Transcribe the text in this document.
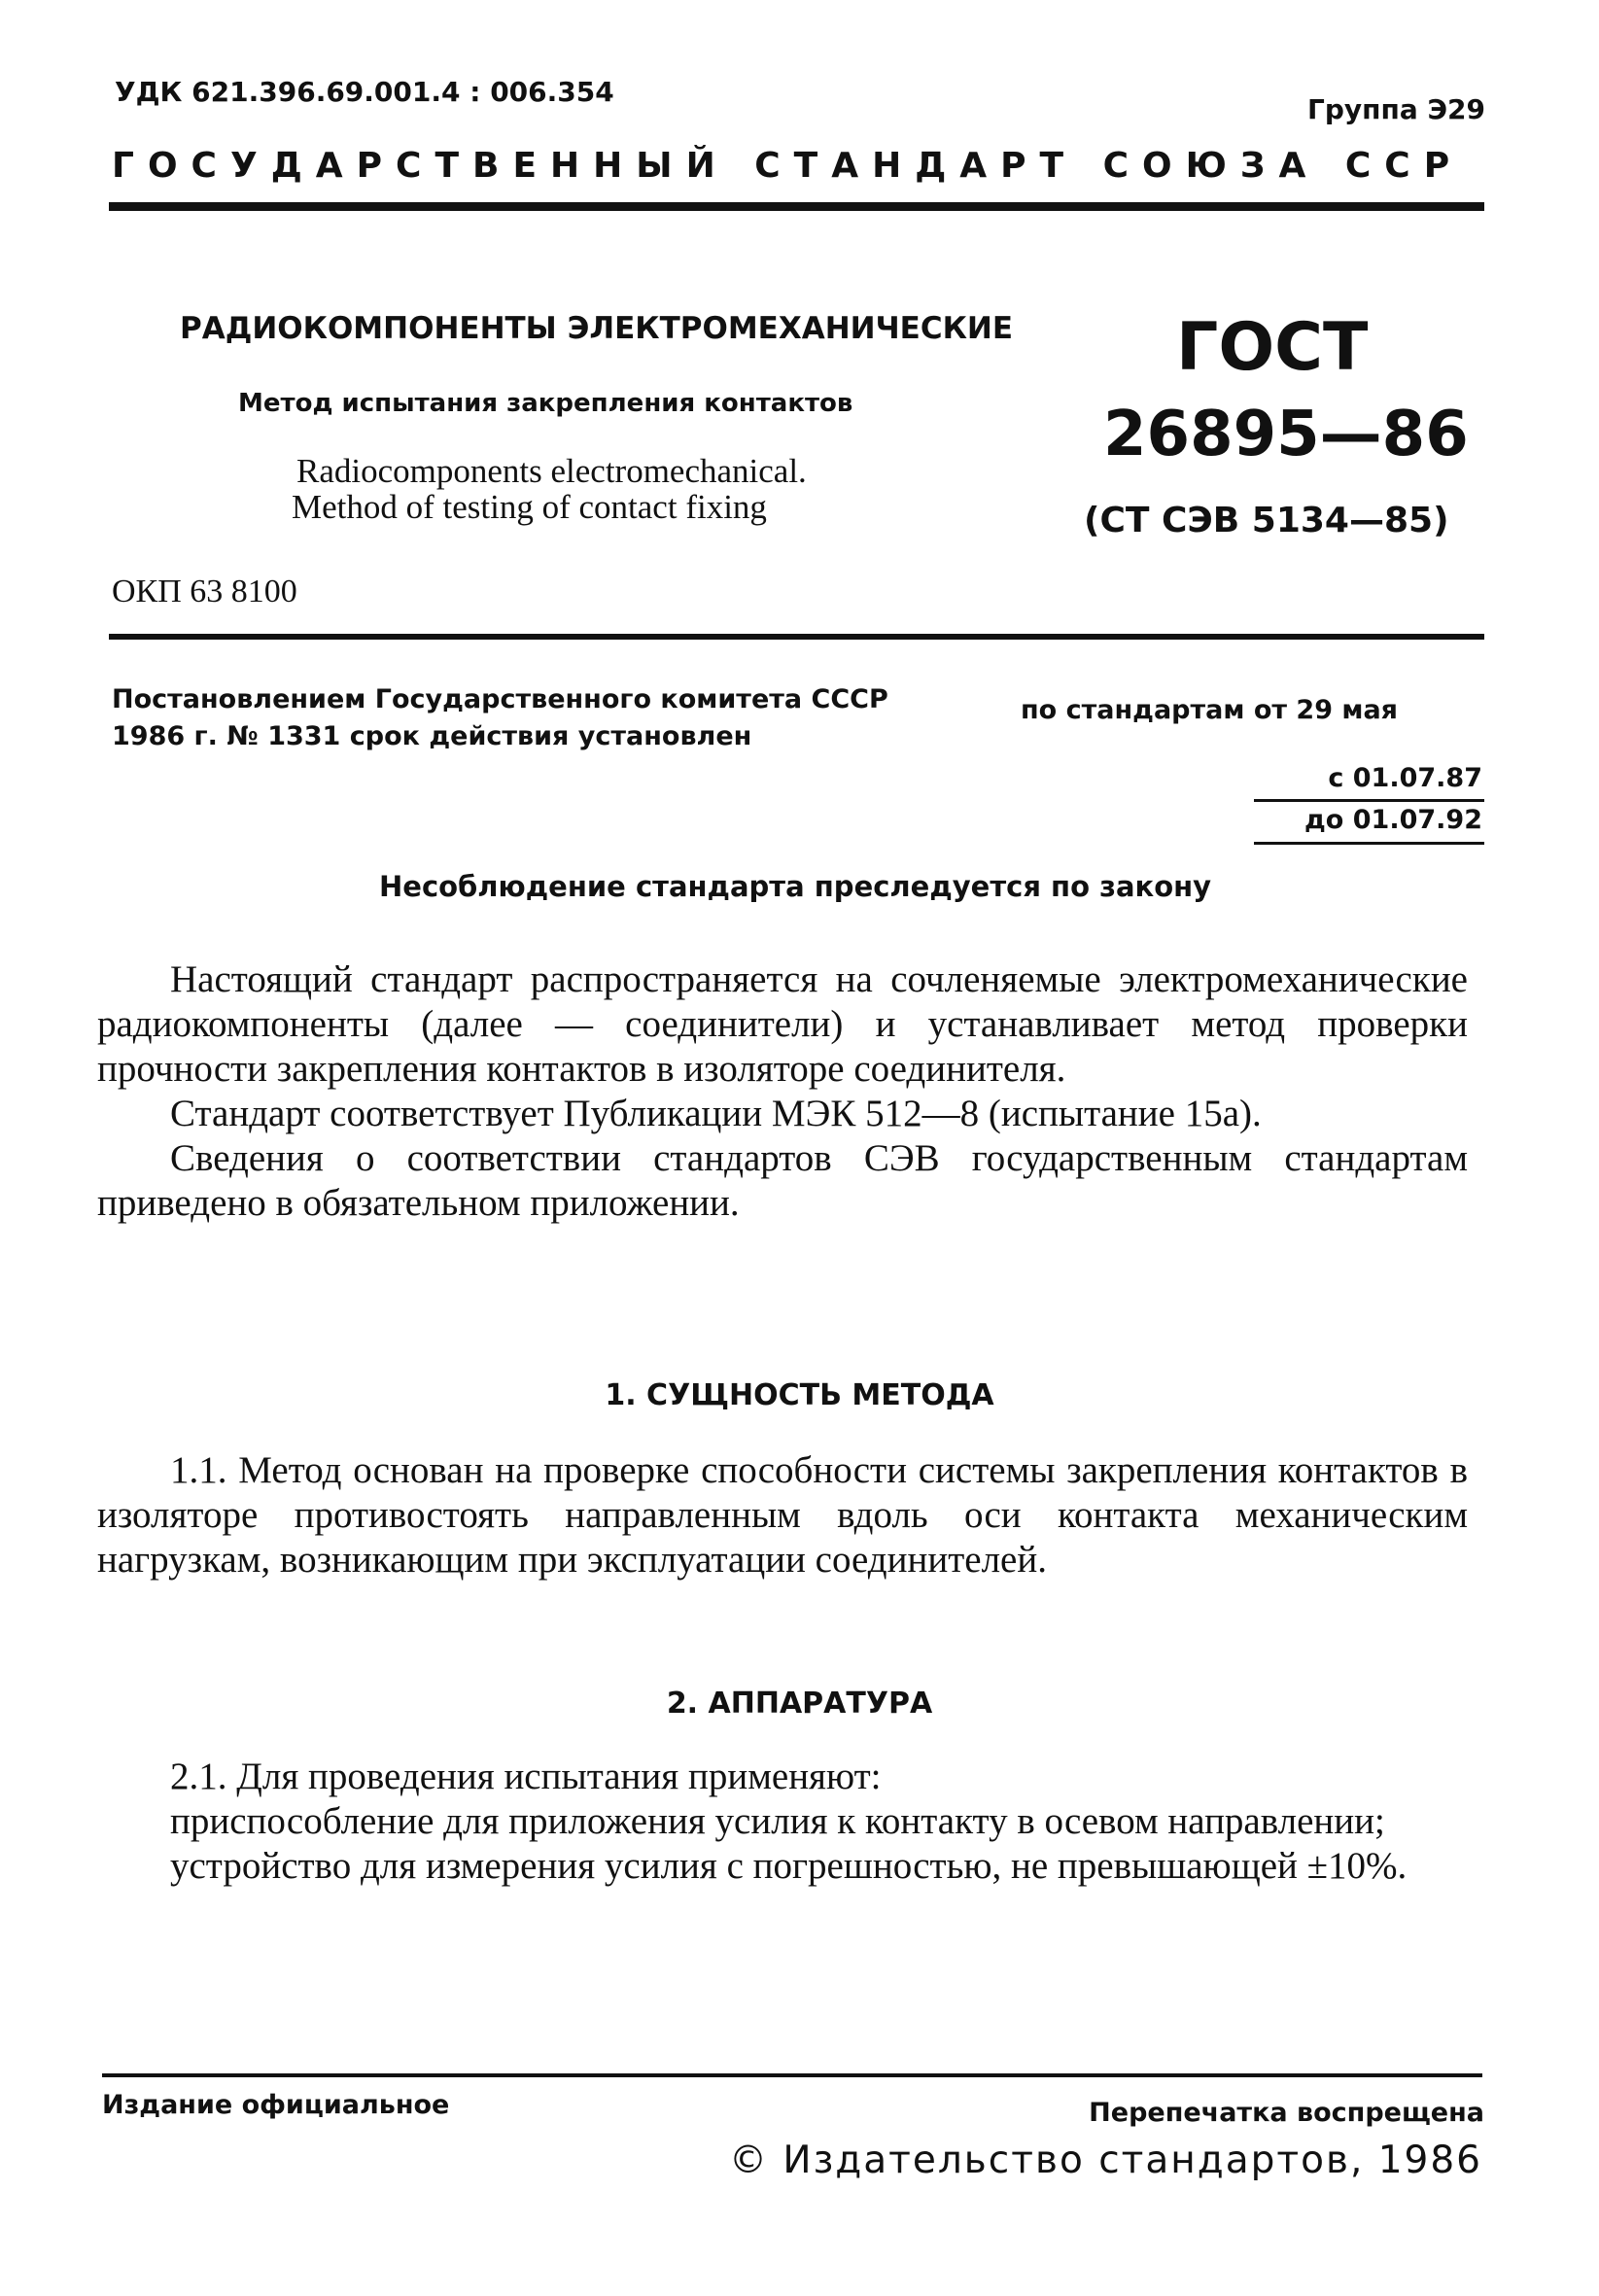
УДК 621.396.69.001.4 : 006.354
Группа Э29
ГОСУДАРСТВЕННЫЙ СТАНДАРТ СОЮЗА ССР
РАДИОКОМПОНЕНТЫ ЭЛЕКТРОМЕХАНИЧЕСКИЕ
Метод испытания закрепления контактов
Radiocomponents electromechanical.
Method of testing of contact fixing
ГОСТ
26895—86
(СТ СЭВ 5134—85)
ОКП 63 8100
Постановлением Государственного комитета СССР	по стандартам от 29 мая
1986 г. № 1331 срок действия установлен
с 01.07.87
до 01.07.92
Несоблюдение стандарта преследуется по закону

Настоящий стандарт распространяется на сочленяемые электромеханические радиокомпоненты (далее — соединители) и устанавливает метод проверки прочности закрепления контактов в изоляторе соединителя.

Стандарт соответствует Публикации МЭК 512—8 (испытание 15а).

Сведения о соответствии стандартов СЭВ государственным стандартам приведено в обязательном приложении.

1. СУЩНОСТЬ МЕТОДА

1.1. Метод основан на проверке способности системы закрепления контактов в изоляторе противостоять направленным вдоль оси контакта механическим нагрузкам, возникающим при эксплуатации соединителей.

2. АППАРАТУРА

2.1. Для проведения испытания применяют:

приспособление для приложения усилия к контакту в осевом направлении;

устройство для измерения усилия с погрешностью, не превышающей ±10%.

Издание официальное	Перепечатка воспрещена
© Издательство стандартов, 1986
